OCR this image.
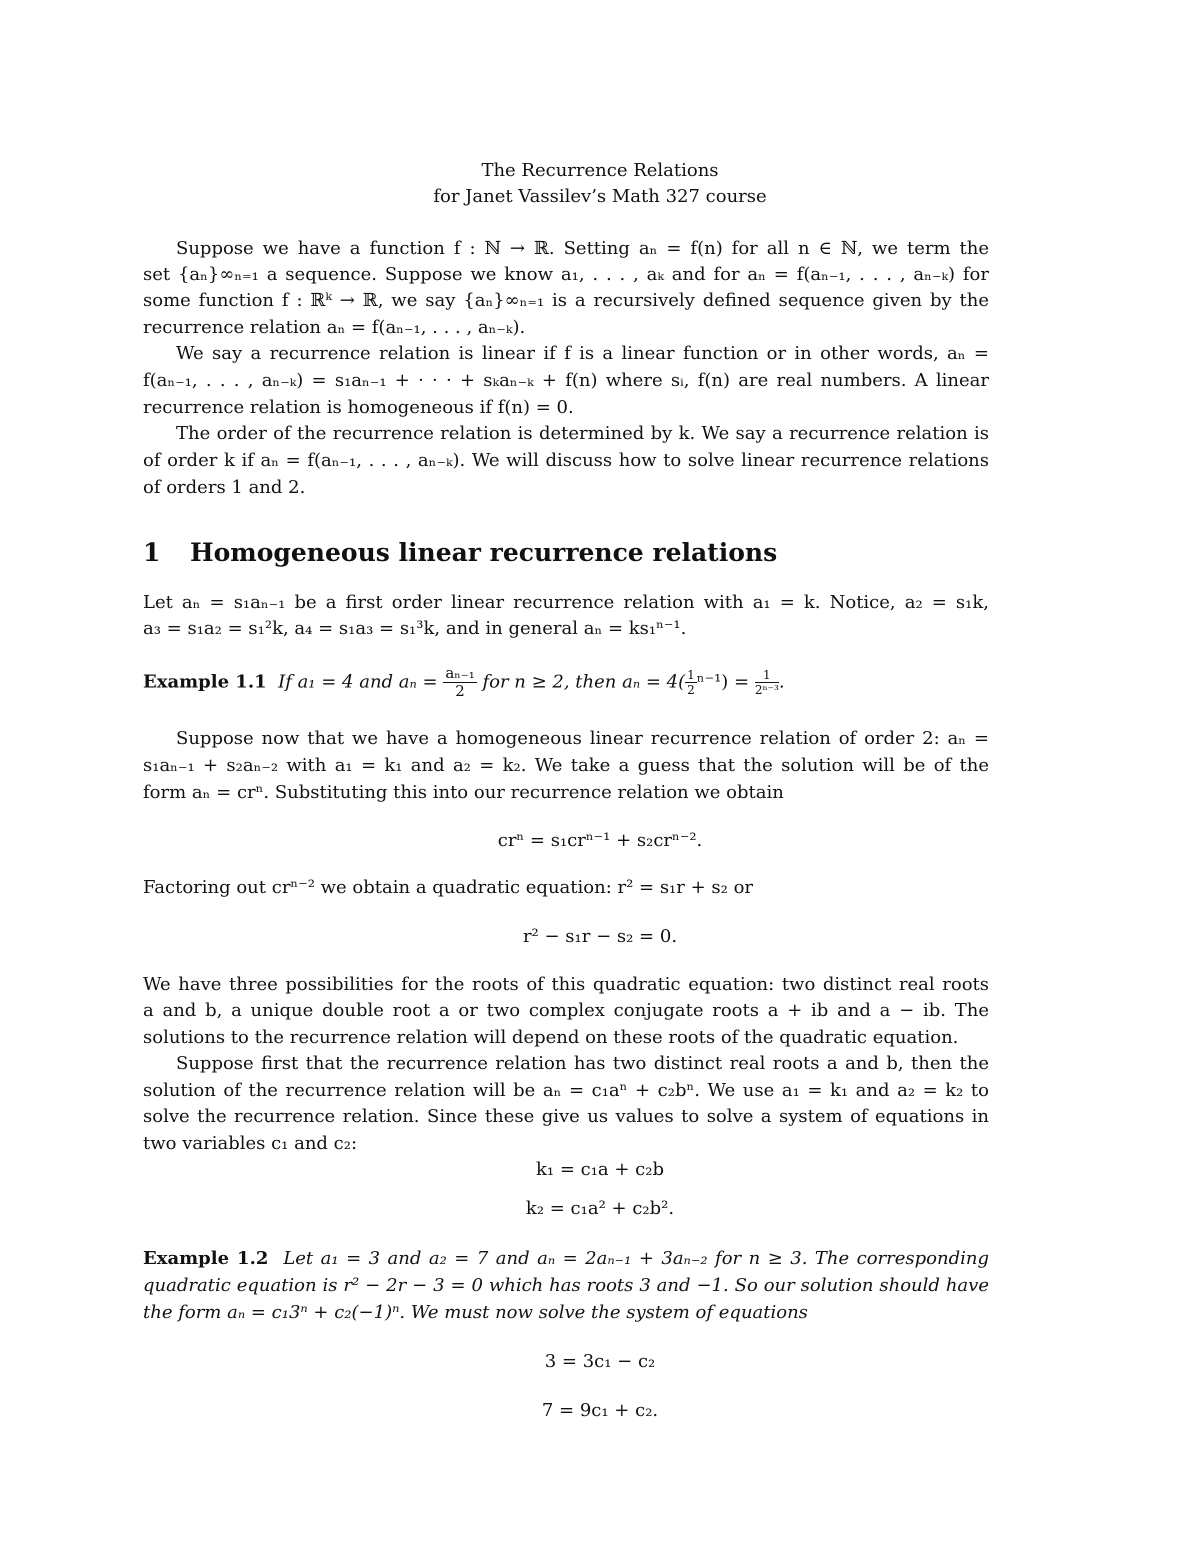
The Recurrence Relations
for Janet Vassilev’s Math 327 course
Suppose we have a function f : ℕ → ℝ. Setting aₙ = f(n) for all n ∈ ℕ, we term the
set {aₙ}∞ₙ₌₁ a sequence. Suppose we know a₁, . . . , aₖ and for aₙ = f(aₙ₋₁, . . . , aₙ₋ₖ) for
some function f : ℝᵏ → ℝ, we say {aₙ}∞ₙ₌₁ is a recursively defined sequence given by the
recurrence relation aₙ = f(aₙ₋₁, . . . , aₙ₋ₖ).
We say a recurrence relation is linear if f is a linear function or in other words, aₙ =
f(aₙ₋₁, . . . , aₙ₋ₖ) = s₁aₙ₋₁ + · · · + sₖaₙ₋ₖ + f(n) where sᵢ, f(n) are real numbers. A linear
recurrence relation is homogeneous if f(n) = 0.
The order of the recurrence relation is determined by k. We say a recurrence relation is
of order k if aₙ = f(aₙ₋₁, . . . , aₙ₋ₖ). We will discuss how to solve linear recurrence relations
of orders 1 and 2.
1 Homogeneous linear recurrence relations
Let aₙ = s₁aₙ₋₁ be a first order linear recurrence relation with a₁ = k. Notice, a₂ = s₁k,
a₃ = s₁a₂ = s₁²k, a₄ = s₁a₃ = s₁³k, and in general aₙ = ks₁ⁿ⁻¹.
Example 1.1 If a₁ = 4 and $a_n = \frac{\text{aₙ₋₁}}{2}$ for n ≥ 2, then $a_n = 4( \frac{1}{2} ^{n-1}) = \frac{1}{\text{2ⁿ⁻³}}$ .
Suppose now that we have a homogeneous linear recurrence relation of order 2: aₙ =
s₁aₙ₋₁ + s₂aₙ₋₂ with a₁ = k₁ and a₂ = k₂. We take a guess that the solution will be of the
form aₙ = crⁿ. Substituting this into our recurrence relation we obtain
crⁿ = s₁crⁿ⁻¹ + s₂crⁿ⁻².
Factoring out crⁿ⁻² we obtain a quadratic equation: r² = s₁r + s₂ or
r² − s₁r − s₂ = 0.
We have three possibilities for the roots of this quadratic equation: two distinct real roots
a and b, a unique double root a or two complex conjugate roots a + ib and a − ib. The
solutions to the recurrence relation will depend on these roots of the quadratic equation.
Suppose first that the recurrence relation has two distinct real roots a and b, then the
solution of the recurrence relation will be aₙ = c₁aⁿ + c₂bⁿ. We use a₁ = k₁ and a₂ = k₂ to
solve the recurrence relation. Since these give us values to solve a system of equations in
two variables c₁ and c₂:
k₁ = c₁a + c₂b
k₂ = c₁a² + c₂b².
Example 1.2 Let a₁ = 3 and a₂ = 7 and aₙ = 2aₙ₋₁ + 3aₙ₋₂ for n ≥ 3. The corresponding
quadratic equation is r² − 2r − 3 = 0 which has roots 3 and −1. So our solution should have
the form aₙ = c₁3ⁿ + c₂(−1)ⁿ. We must now solve the system of equations
3 = 3c₁ − c₂
7 = 9c₁ + c₂.
